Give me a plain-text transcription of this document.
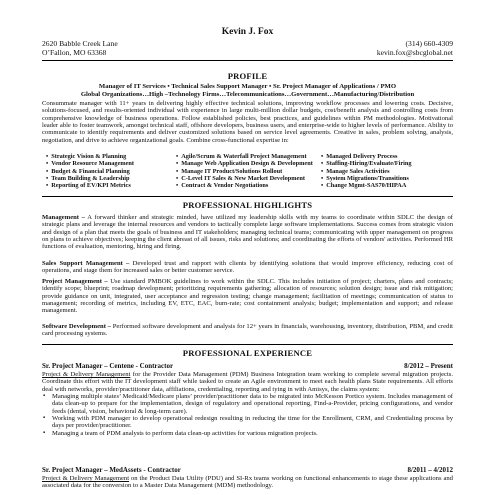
Kevin J. Fox
2620 Babble Creek Lane
O’Fallon, MO 63368
(314) 660-4309
kevin.fox@sbcglobal.net
PROFILE
Manager of IT Services • Technical Sales Support Manager • Sr. Project Manager of Applications / PMO
Global Organizations…High –Technology Firms…Telecommunications…Government…Manufacturing/Distribution
Consummate manager with 11+ years in delivering highly effective technical solutions, improving workflow processes and lowering costs. Decisive, solutions-focused, and results-oriented individual with experience in large multi-million dollar budgets, cost/benefit analysis and controlling costs from comprehensive knowledge of business operations. Follow established policies, best practices, and guidelines within PM methodologies. Motivational leader able to foster teamwork, amongst technical staff, offshore developers, business users, and enterprise-wide to higher levels of performance. Ability to communicate to identify requirements and deliver customized solutions based on service level agreements. Creative in sales, problem solving, analysis, negotiation, and drive to achieve organizational goals. Combine cross-functional expertise in:
• Strategic Vision & Planning
• Vendor Resource Management
• Budget & Financial Planning
• Team Building & Leadership
• Reporting of EV/KPI Metrics
• Agile/Scrum & Waterfall Project Management
• Manage Web Application Design & Development
• Manage IT Product/Solutions Rollout
• C-Level IT Sales & New Market Development
• Contract & Vendor Negotiations
• Managed Delivery Process
• Staffing-Hiring/Evaluate/Firing
• Manage Sales Activities
• System Migrations/Transitions
• Change Mgmt-SAS70/HIPAA
PROFESSIONAL HIGHLIGHTS
Management – A forward thinker and strategic minded, have utilized my leadership skills with my teams to coordinate within SDLC the design of strategic plans and leverage the internal resources and vendors to tactically complete large software implementations. Success comes from strategic vision and design of a plan that meets the goals of business and IT stakeholders; managing technical teams; communicating with upper management on progress on plans to achieve objectives; keeping the client abreast of all issues, risks and solutions; and coordinating the efforts of vendors' activities. Performed HR functions of evaluation, mentoring, hiring and firing.
Sales Support Management – Developed trust and rapport with clients by identifying solutions that would improve efficiency, reducing cost of operations, and stage them for increased sales or better customer service.
Project Management – Use standard PMBOK guidelines to work within the SDLC. This includes initiation of project; charters, plans and contracts; identify scope; blueprint; roadmap development; prioritizing requirements gathering; allocation of resources; solution design; issue and risk mitigation; provide guidance on unit, integrated, user acceptance and regression testing; change management; facilitation of meetings; communication of status to management; recording of metrics, including EV, ETC, EAC, burn-rate; cost containment analysis; budget; implementation and support; and release management.
Software Development – Performed software development and analysis for 12+ years in financials, warehousing, inventory, distribution, PBM, and credit card processing systems.
PROFESSIONAL EXPERIENCE
Sr. Project Manager – Centene - Contractor	8/2012 – Present
Project & Delivery Management for the Provider Data Management (PDM) Business Integration team working to complete several migration projects. Coordinate this effort with the IT development staff while tasked to create an Agile environment to meet each health plans State requirements. All efforts deal with networks, provider/practitioner data, affiliations, credentialing, reporting and tying in with Amisys, the claims system:
▪ Managing multiple states’ Medicaid/Medicare plans’ provider/practitioner data to be migrated into McKesson Portico system. Includes management of data clean-up to prepare for the implementation, design of regulatory and operational reporting, Find-a-Provider, pricing configurations, and vendor feeds (dental, vision, behavioral & long-term care).
▪ Working with PDM manager to develop operational redesign resulting in reducing the time for the Enrollment, CRM, and Credentialing process by days per provider/practitioner.
▪ Managing a team of PDM analysts to perform data clean-up activities for various migration projects.
Sr. Project Manager – MedAssets - Contractor	8/2011 – 4/2012
Project & Delivery Management on the Product Data Utility (PDU) and SI-Rx teams working on functional enhancements to stage these applications and associated data for the conversion to a Master Data Management (MDM) methodology.
